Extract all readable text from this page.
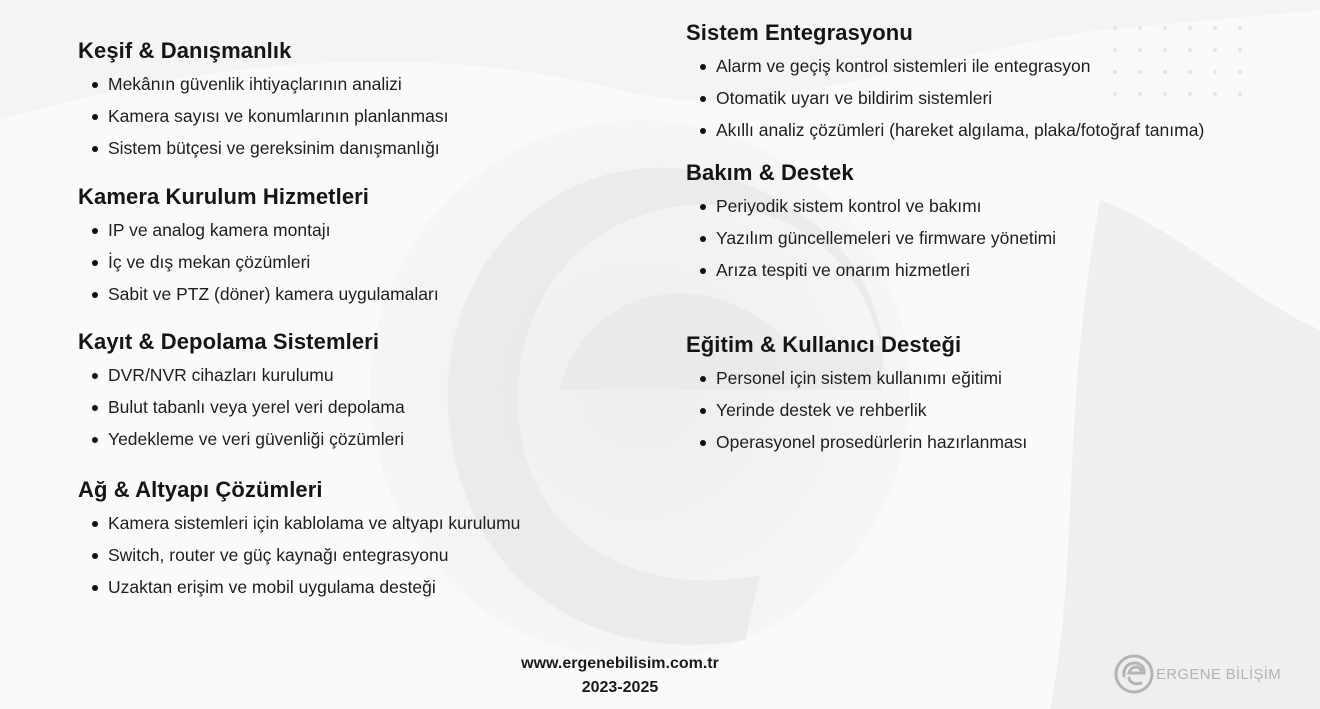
Keşif & Danışmanlık
Mekânın güvenlik ihtiyaçlarının analizi
Kamera sayısı ve konumlarının planlanması
Sistem bütçesi ve gereksinim danışmanlığı
Kamera Kurulum Hizmetleri
IP ve analog kamera montajı
İç ve dış mekan çözümleri
Sabit ve PTZ (döner) kamera uygulamaları
Kayıt & Depolama Sistemleri
DVR/NVR cihazları kurulumu
Bulut tabanlı veya yerel veri depolama
Yedekleme ve veri güvenliği çözümleri
Ağ & Altyapı Çözümleri
Kamera sistemleri için kablolama ve altyapı kurulumu
Switch, router ve güç kaynağı entegrasyonu
Uzaktan erişim ve mobil uygulama desteği
Sistem Entegrasyonu
Alarm ve geçiş kontrol sistemleri ile entegrasyon
Otomatik uyarı ve bildirim sistemleri
Akıllı analiz çözümleri (hareket algılama, plaka/fotoğraf tanıma)
Bakım & Destek
Periyodik sistem kontrol ve bakımı
Yazılım güncellemeleri ve firmware yönetimi
Arıza tespiti ve onarım hizmetleri
Eğitim & Kullanıcı Desteği
Personel için sistem kullanımı eğitimi
Yerinde destek ve rehberlik
Operasyonel prosedürlerin hazırlanması
www.ergenebilisim.com.tr
2023-2025
ERGENE BİLİŞİM
